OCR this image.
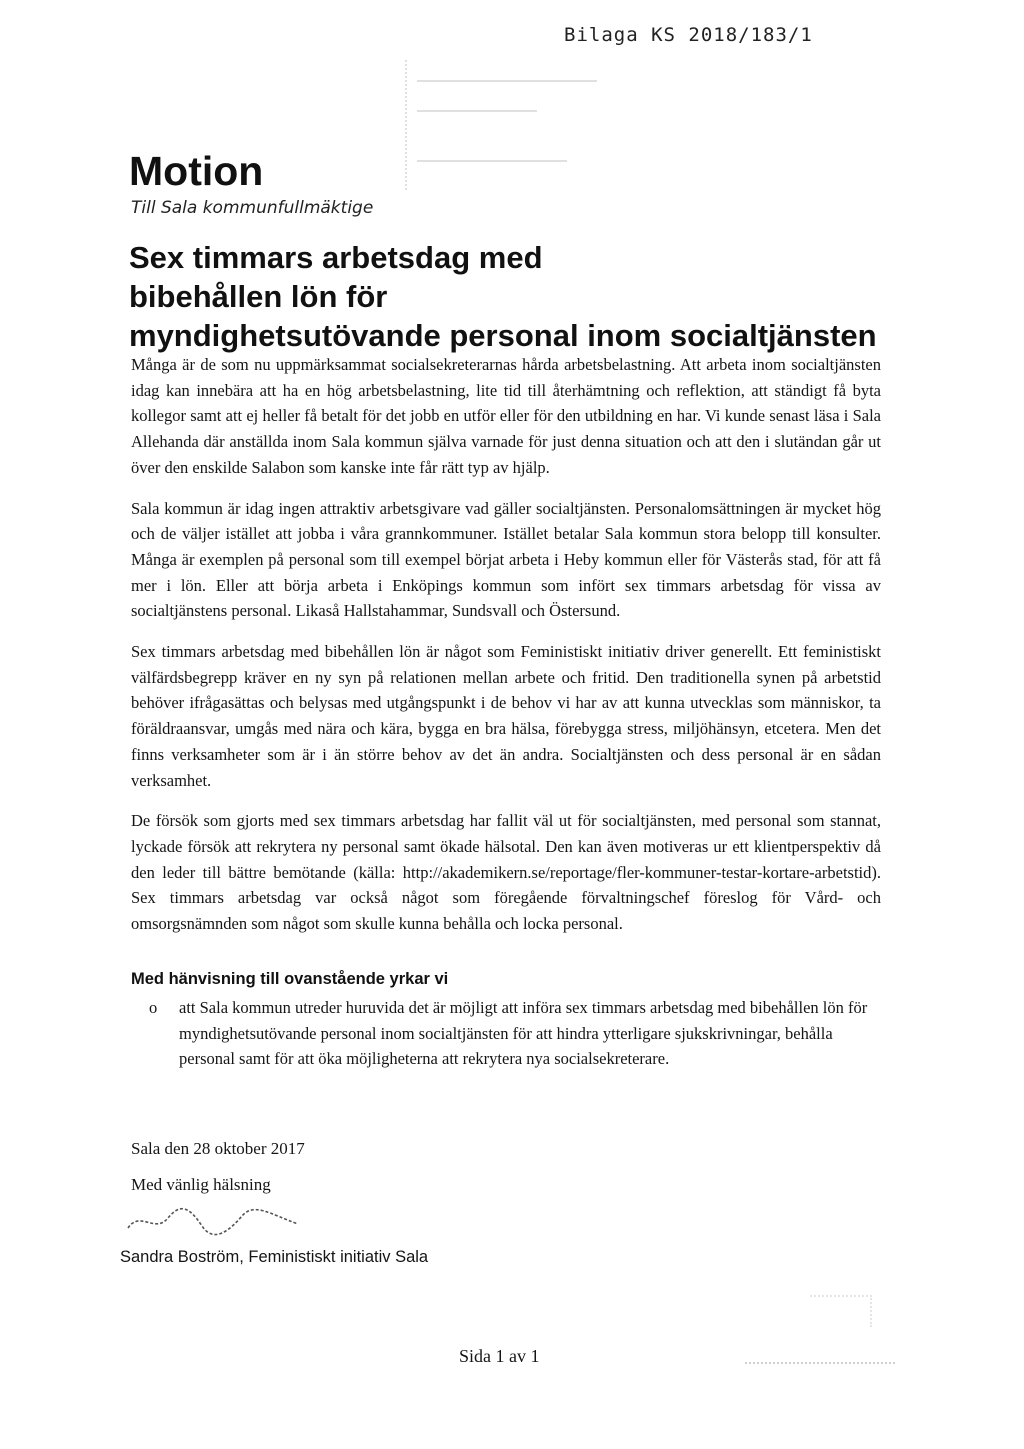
Bilaga KS 2018/183/1
Motion
Till Sala kommunfullmäktige
Sex timmars arbetsdag med
bibehållen lön för
myndighetsutövande personal inom socialtjänsten

Många är de som nu uppmärksammat socialsekreterarnas hårda arbetsbelastning. Att arbeta inom socialtjänsten idag kan innebära att ha en hög arbetsbelastning, lite tid till återhämtning och reflektion, att ständigt få byta kollegor samt att ej heller få betalt för det jobb en utför eller för den utbildning en har. Vi kunde senast läsa i Sala Allehanda där anställda inom Sala kommun själva varnade för just denna situation och att den i slutändan går ut över den enskilde Salabon som kanske inte får rätt typ av hjälp.

Sala kommun är idag ingen attraktiv arbetsgivare vad gäller socialtjänsten. Personalomsättningen är mycket hög och de väljer istället att jobba i våra grannkommuner. Istället betalar Sala kommun stora belopp till konsulter. Många är exemplen på personal som till exempel börjat arbeta i Heby kommun eller för Västerås stad, för att få mer i lön. Eller att börja arbeta i Enköpings kommun som infört sex timmars arbetsdag för vissa av socialtjänstens personal. Likaså Hallstahammar, Sundsvall och Östersund.

Sex timmars arbetsdag med bibehållen lön är något som Feministiskt initiativ driver generellt. Ett feministiskt välfärdsbegrepp kräver en ny syn på relationen mellan arbete och fritid. Den traditionella synen på arbetstid behöver ifrågasättas och belysas med utgångspunkt i de behov vi har av att kunna utvecklas som människor, ta föräldraansvar, umgås med nära och kära, bygga en bra hälsa, förebygga stress, miljöhänsyn, etcetera. Men det finns verksamheter som är i än större behov av det än andra. Socialtjänsten och dess personal är en sådan verksamhet.

De försök som gjorts med sex timmars arbetsdag har fallit väl ut för socialtjänsten, med personal som stannat, lyckade försök att rekrytera ny personal samt ökade hälsotal. Den kan även motiveras ur ett klientperspektiv då den leder till bättre bemötande (källa: http://akademikern.se/reportage/fler-kommuner-testar-kortare-arbetstid). Sex timmars arbetsdag var också något som föregående förvaltningschef föreslog för Vård- och omsorgsnämnden som något som skulle kunna behålla och locka personal.

Med hänvisning till ovanstående yrkar vi
o	att Sala kommun utreder huruvida det är möjligt att införa sex timmars arbetsdag med bibehållen lön för myndighetsutövande personal inom socialtjänsten för att hindra ytterligare sjukskrivningar, behålla personal samt för att öka möjligheterna att rekrytera nya socialsekreterare.
Sala den 28 oktober 2017
Med vänlig hälsning
Sandra Boström, Feministiskt initiativ Sala
Sida 1 av 1
